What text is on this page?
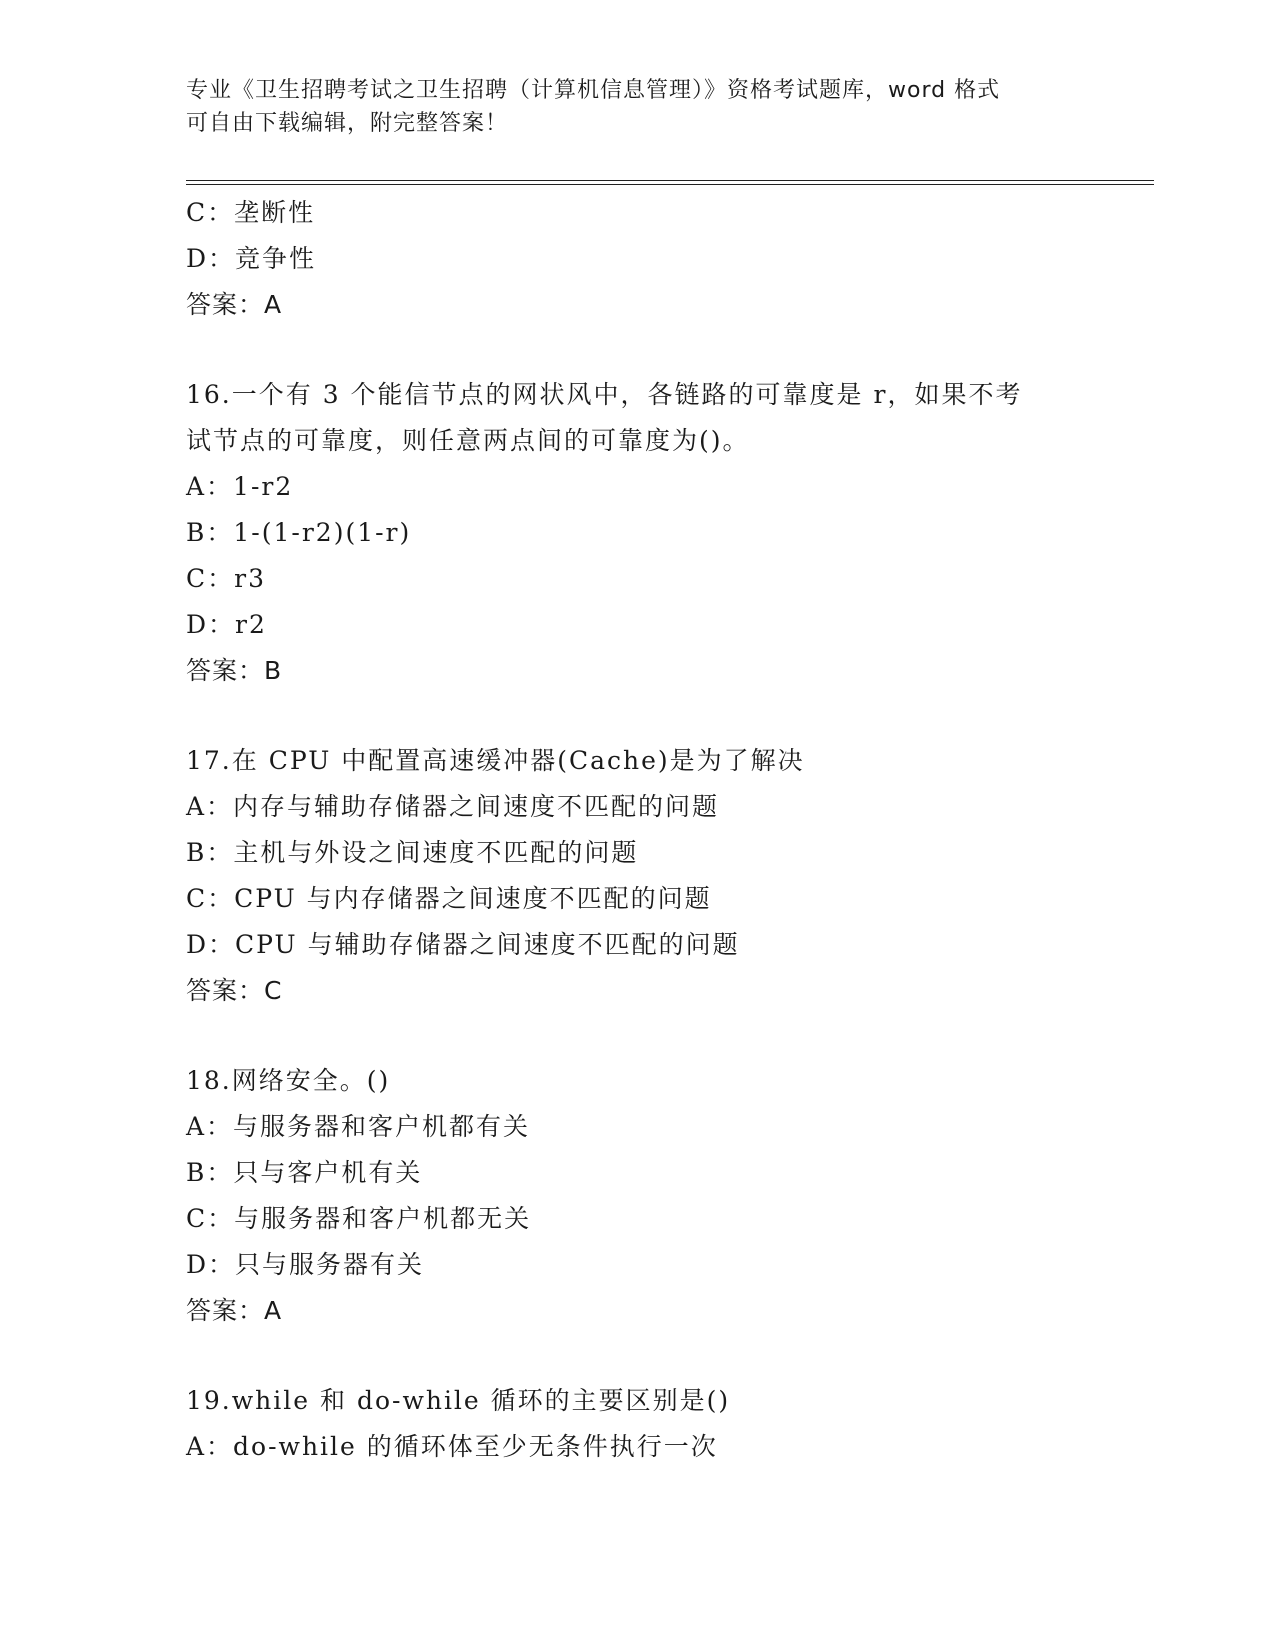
专业《卫生招聘考试之卫生招聘（计算机信息管理）》资格考试题库，word 格式
可自由下载编辑，附完整答案！
C：垄断性
D：竞争性
答案：A
16.一个有 3 个能信节点的网状风中，各链路的可靠度是 r，如果不考
试节点的可靠度，则任意两点间的可靠度为()。
A：1-r2
B：1-(1-r2)(1-r)
C：r3
D：r2
答案：B
17.在 CPU 中配置高速缓冲器(Cache)是为了解决
A：内存与辅助存储器之间速度不匹配的问题
B：主机与外设之间速度不匹配的问题
C：CPU 与内存储器之间速度不匹配的问题
D：CPU 与辅助存储器之间速度不匹配的问题
答案：C
18.网络安全。()
A：与服务器和客户机都有关
B：只与客户机有关
C：与服务器和客户机都无关
D：只与服务器有关
答案：A
19.while 和 do-while 循环的主要区别是()
A：do-while 的循环体至少无条件执行一次
